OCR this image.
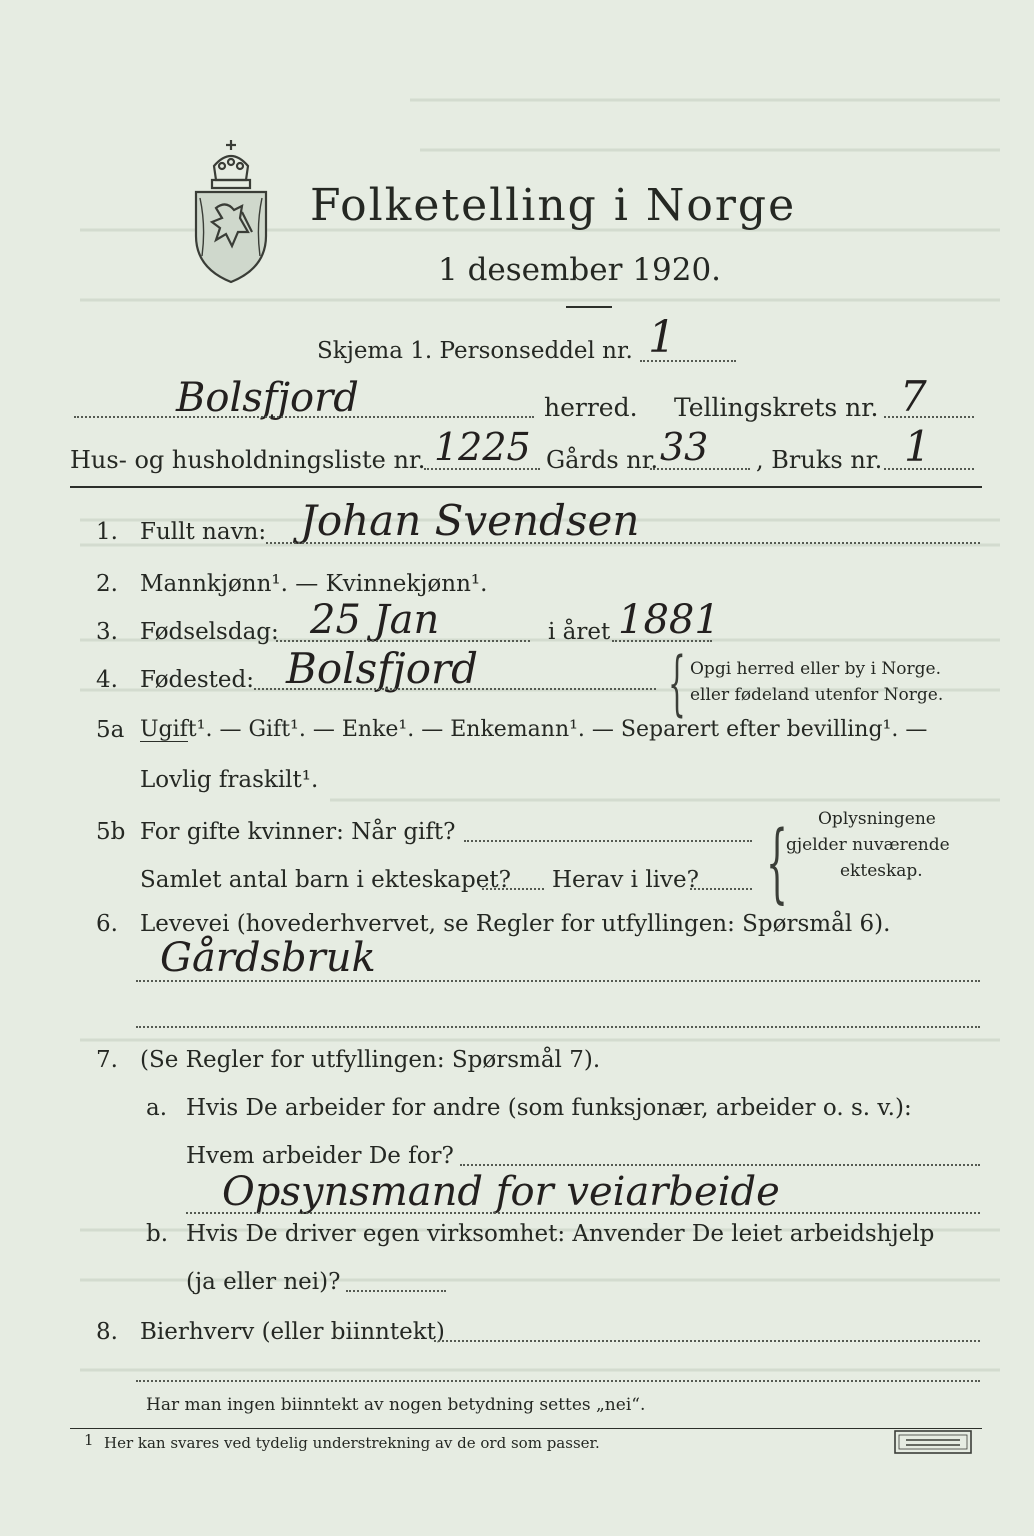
Folketelling i Norge
1 desember 1920.
Skjema 1. Personseddel nr. 1
Bolsfjord	herred. Tellingskrets nr. 7
Hus- og husholdningsliste nr. 1225 Gårds nr. 33 , Bruks nr. 1
1. Fullt navn: Johan Svendsen
2. Mannkjønn¹. — Kvinnekjønn¹.
3. Fødselsdag: 25 Jan	i året 1881
4. Fødested: Bolsfjord	{ Opgi herred eller by i Norge.
eller fødeland utenfor Norge.
5a Ugift¹. — Gift¹. — Enke¹. — Enkemann¹. — Separert efter bevilling¹. —
Lovlig fraskilt¹.
5b For gifte kvinner: Når gift?
Samlet antal barn i ekteskapet? Herav i live? { Oplysningene
gjelder nuværende
ekteskap.
6. Levevei (hovederhvervet, se Regler for utfyllingen: Spørsmål 6).
Gårdsbruk
7. (Se Regler for utfyllingen: Spørsmål 7).
a. Hvis De arbeider for andre (som funksjonær, arbeider o. s. v.):
Hvem arbeider De for?
Opsynsmand for veiarbeide
b. Hvis De driver egen virksomhet: Anvender De leiet arbeidshjelp
(ja eller nei)?
8. Bierhverv (eller biinntekt)
Har man ingen biinntekt av nogen betydning settes „nei“.
1 Her kan svares ved tydelig understrekning av de ord som passer.
